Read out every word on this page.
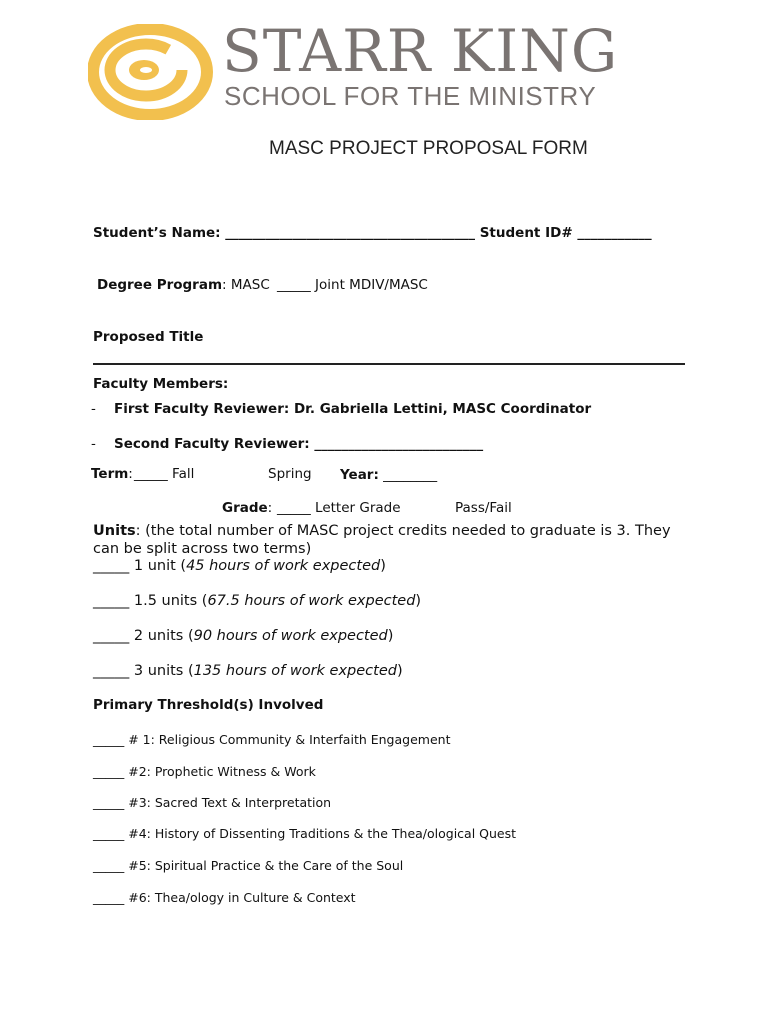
STARR KING
SCHOOL FOR THE MINISTRY
MASC PROJECT PROPOSAL FORM
Student’s Name: _____________________________________ Student ID# ___________
Degree Program: MASC _____ Joint MDIV/MASC
Proposed Title
Faculty Members:
- First Faculty Reviewer: Dr. Gabriella Lettini, MASC Coordinator
- Second Faculty Reviewer: _________________________
Term: _____ Fall	Spring Year: ________
Grade: _____ Letter Grade	Pass/Fail
Units: (the total number of MASC project credits needed to graduate is 3. They can be split across two terms)
_____ 1 unit (45 hours of work expected)
_____ 1.5 units (67.5 hours of work expected)
_____ 2 units (90 hours of work expected)
_____ 3 units (135 hours of work expected)
Primary Threshold(s) Involved
_____ # 1: Religious Community & Interfaith Engagement
_____ #2: Prophetic Witness & Work
_____ #3: Sacred Text & Interpretation
_____ #4: History of Dissenting Traditions & the Thea/ological Quest
_____ #5: Spiritual Practice & the Care of the Soul
_____ #6: Thea/ology in Culture & Context
